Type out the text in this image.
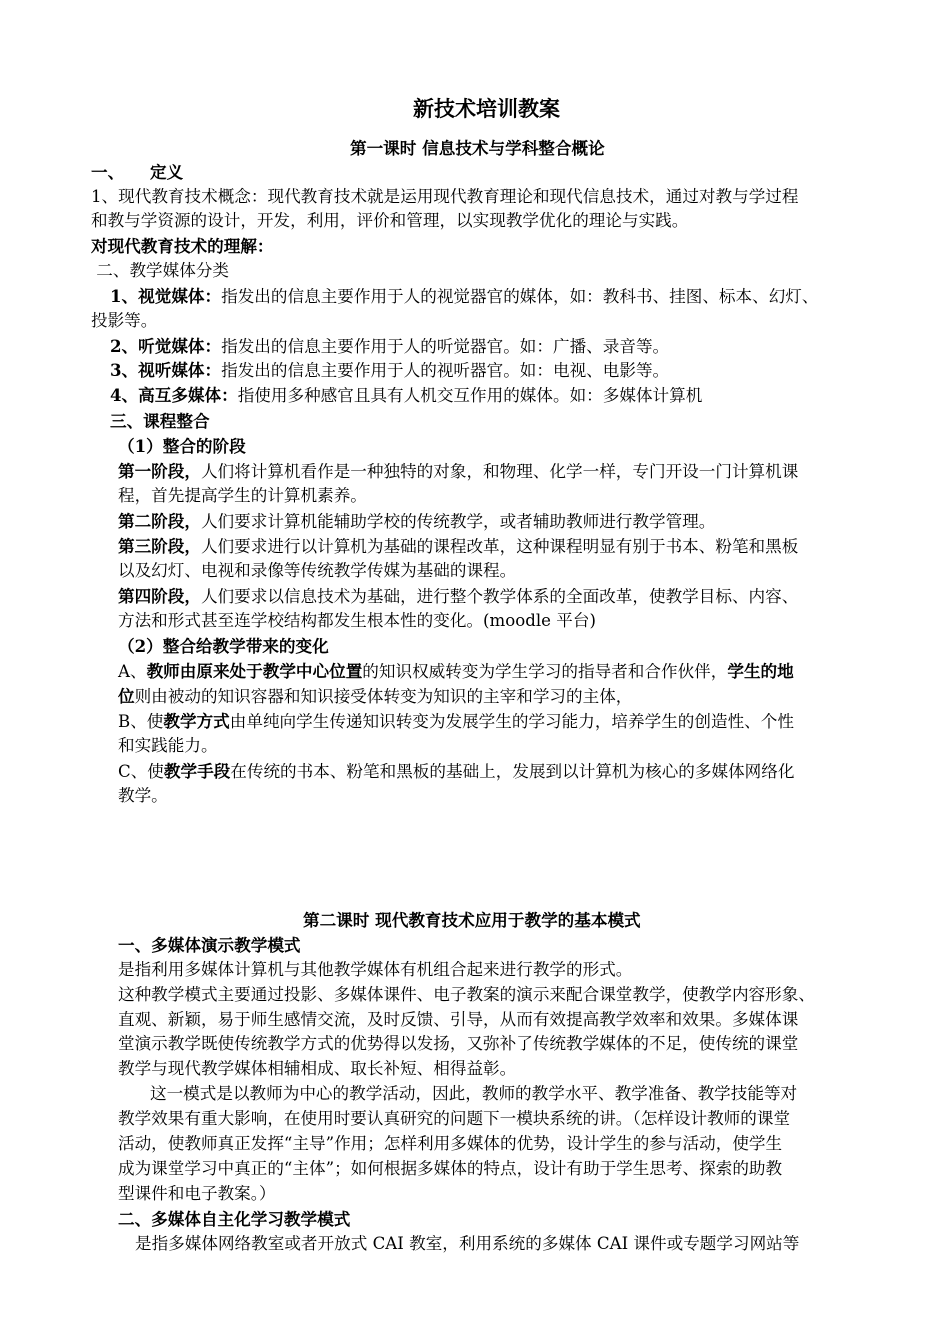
新技术培训教案
第一课时 信息技术与学科整合概论
一、 定义
1、现代教育技术概念：现代教育技术就是运用现代教育理论和现代信息技术，通过对教与学过程
和教与学资源的设计，开发，利用，评价和管理，以实现教学优化的理论与实践。
对现代教育技术的理解：
二、教学媒体分类
1、视觉媒体：指发出的信息主要作用于人的视觉器官的媒体，如：教科书、挂图、标本、幻灯、
投影等。
2、听觉媒体：指发出的信息主要作用于人的听觉器官。如：广播、录音等。
3、视听媒体：指发出的信息主要作用于人的视听器官。如：电视、电影等。
4、高互多媒体：指使用多种感官且具有人机交互作用的媒体。如：多媒体计算机
三、课程整合
（1）整合的阶段
第一阶段，人们将计算机看作是一种独特的对象，和物理、化学一样，专门开设一门计算机课
程，首先提高学生的计算机素养。
第二阶段，人们要求计算机能辅助学校的传统教学，或者辅助教师进行教学管理。
第三阶段，人们要求进行以计算机为基础的课程改革，这种课程明显有别于书本、粉笔和黑板
以及幻灯、电视和录像等传统教学传媒为基础的课程。
第四阶段，人们要求以信息技术为基础，进行整个教学体系的全面改革，使教学目标、内容、
方法和形式甚至连学校结构都发生根本性的变化。(moodle 平台)
（2）整合给教学带来的变化
A、教师由原来处于教学中心位置的知识权威转变为学生学习的指导者和合作伙伴，学生的地
位则由被动的知识容器和知识接受体转变为知识的主宰和学习的主体，
B、使教学方式由单纯向学生传递知识转变为发展学生的学习能力，培养学生的创造性、个性
和实践能力。
C、使教学手段在传统的书本、粉笔和黑板的基础上，发展到以计算机为核心的多媒体网络化
教学。
第二课时 现代教育技术应用于教学的基本模式
一、多媒体演示教学模式
是指利用多媒体计算机与其他教学媒体有机组合起来进行教学的形式。
这种教学模式主要通过投影、多媒体课件、电子教案的演示来配合课堂教学，使教学内容形象、
直观、新颖，易于师生感情交流，及时反馈、引导，从而有效提高教学效率和效果。多媒体课
堂演示教学既使传统教学方式的优势得以发扬，又弥补了传统教学媒体的不足，使传统的课堂
教学与现代教学媒体相辅相成、取长补短、相得益彰。
这一模式是以教师为中心的教学活动，因此，教师的教学水平、教学准备、教学技能等对
教学效果有重大影响，在使用时要认真研究的问题下一模块系统的讲。（怎样设计教师的课堂
活动，使教师真正发挥“主导”作用；怎样利用多媒体的优势，设计学生的参与活动，使学生
成为课堂学习中真正的“主体”；如何根据多媒体的特点，设计有助于学生思考、探索的助教
型课件和电子教案。）
二、多媒体自主化学习教学模式
是指多媒体网络教室或者开放式 CAI 教室，利用系统的多媒体 CAI 课件或专题学习网站等
